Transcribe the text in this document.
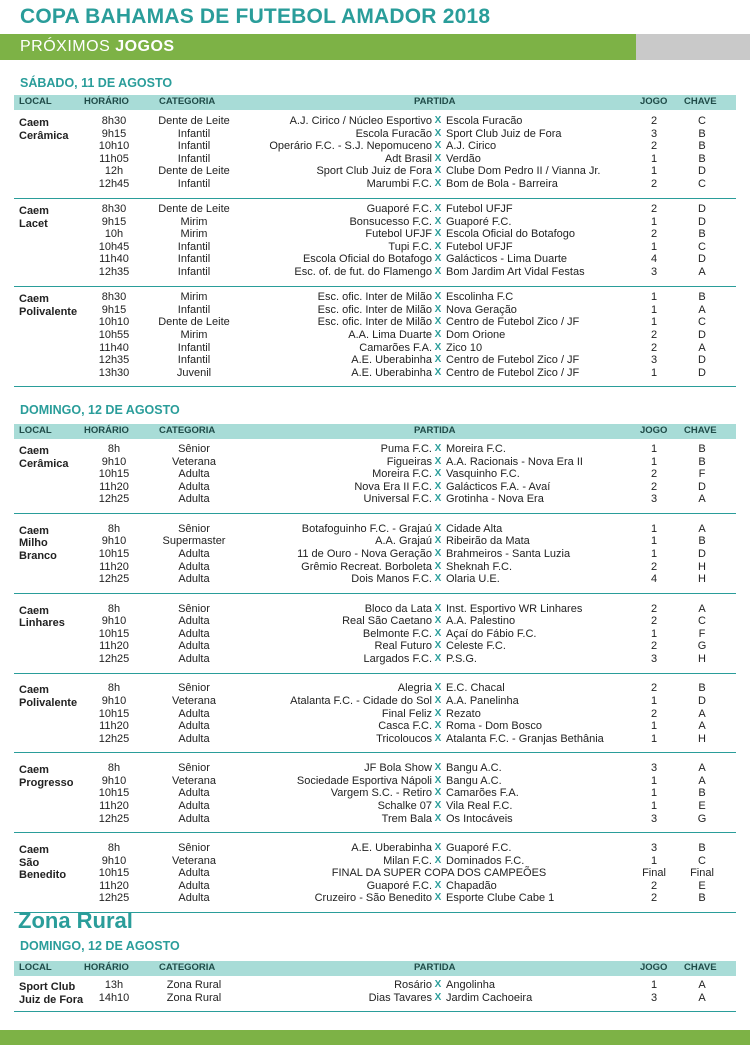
COPA BAHAMAS DE FUTEBOL AMADOR 2018
PRÓXIMOS JOGOS
SÁBADO, 11 DE AGOSTO
LOCAL	HORÁRIO	CATEGORIA	PARTIDA	JOGO CHAVE
Caem
Cerâmica
8h30	Dente de Leite	A.J. Cirico / Núcleo Esportivo X Escola Furacão	2	C
9h15	Infantil	Escola Furacão X Sport Club Juiz de Fora	3	B
10h10	Infantil	Operário F.C. - S.J. Nepomuceno X A.J. Cirico	2	B
11h05	Infantil	Adt Brasil X Verdão	1	B
12h	Dente de Leite	Sport Club Juiz de Fora X Clube Dom Pedro II / Vianna Jr.	1	D
12h45	Infantil	Marumbi F.C. X Bom de Bola - Barreira	2	C
Caem
Lacet
8h30	Dente de Leite	Guaporé F.C. X Futebol UFJF	2	D
9h15	Mirim	Bonsucesso F.C. X Guaporé F.C.	1	D
10h	Mirim	Futebol UFJF X Escola Oficial do Botafogo	2	B
10h45	Infantil	Tupi F.C. X Futebol UFJF	1	C
11h40	Infantil	Escola Oficial do Botafogo X Galácticos - Lima Duarte	4	D
12h35	Infantil	Esc. of. de fut. do Flamengo X Bom Jardim Art Vidal Festas	3	A
Caem
Polivalente
8h30	Mirim	Esc. ofic. Inter de Milão X Escolinha F.C	1	B
9h15	Infantil	Esc. ofic. Inter de Milão X Nova Geração	1	A
10h10	Dente de Leite	Esc. ofic. Inter de Milão X Centro de Futebol Zico / JF	1	C
10h55	Mirim	A.A. Lima Duarte X Dom Orione	2	D
11h40	Infantil	Camarões F.A. X Zico 10	2	A
12h35	Infantil	A.E. Uberabinha X Centro de Futebol Zico / JF	3	D
13h30	Juvenil	A.E. Uberabinha X Centro de Futebol Zico / JF	1	D
DOMINGO, 12 DE AGOSTO
LOCAL	HORÁRIO	CATEGORIA	PARTIDA	JOGO CHAVE
Caem
Cerâmica
8h	Sênior	Puma F.C. X Moreira F.C.	1	B
9h10	Veterana	Figueiras X A.A. Racionais - Nova Era II	1	B
10h15	Adulta	Moreira F.C. X Vasquinho F.C.	2	F
11h20	Adulta	Nova Era II F.C. X Galácticos F.A. - Avaí	2	D
12h25	Adulta	Universal F.C. X Grotinha - Nova Era	3	A
Caem
Milho
Branco
8h	Sênior	Botafoguinho F.C. - Grajaú X Cidade Alta	1	A
9h10	Supermaster	A.A. Grajaú X Ribeirão da Mata	1	B
10h15	Adulta	11 de Ouro - Nova Geração X Brahmeiros - Santa Luzia	1	D
11h20	Adulta	Grêmio Recreat. Borboleta X Sheknah F.C.	2	H
12h25	Adulta	Dois Manos F.C. X Olaria U.E.	4	H
Caem
Linhares
8h	Sênior	Bloco da Lata X Inst. Esportivo WR Linhares	2	A
9h10	Adulta	Real São Caetano X A.A. Palestino	2	C
10h15	Adulta	Belmonte F.C. X Açaí do Fábio F.C.	1	F
11h20	Adulta	Real Futuro X Celeste F.C.	2	G
12h25	Adulta	Largados F.C. X P.S.G.	3	H
Caem
Polivalente
8h	Sênior	Alegria X E.C. Chacal	2	B
9h10	Veterana	Atalanta F.C. - Cidade do Sol X A.A. Panelinha	1	D
10h15	Adulta	Final Feliz X Rezato	2	A
11h20	Adulta	Casca F.C. X Roma - Dom Bosco	1	A
12h25	Adulta	Tricoloucos X Atalanta F.C. - Granjas Bethânia	1	H
Caem
Progresso
8h	Sênior	JF Bola Show X Bangu A.C.	3	A
9h10	Veterana	Sociedade Esportiva Nápoli X Bangu A.C.	1	A
10h15	Adulta	Vargem S.C. - Retiro X Camarões F.A.	1	B
11h20	Adulta	Schalke 07 X Vila Real F.C.	1	E
12h25	Adulta	Trem Bala X Os Intocáveis	3	G
Caem
São
Benedito
8h	Sênior	A.E. Uberabinha X Guaporé F.C.	3	B
9h10	Veterana	Milan F.C. X Dominados F.C.	1	C
10h15	Adulta	FINAL DA SUPER COPA DOS CAMPEÕES	Final	Final
11h20	Adulta	Guaporé F.C. X Chapadão	2	E
12h25	Adulta	Cruzeiro - São Benedito X Esporte Clube Cabe 1	2	B
Zona Rural
DOMINGO, 12 DE AGOSTO
LOCAL	HORÁRIO	CATEGORIA	PARTIDA	JOGO CHAVE
Sport Club
Juiz de Fora
13h	Zona Rural	Rosário X Angolinha	1	A
14h10	Zona Rural	Dias Tavares X Jardim Cachoeira	3	A
